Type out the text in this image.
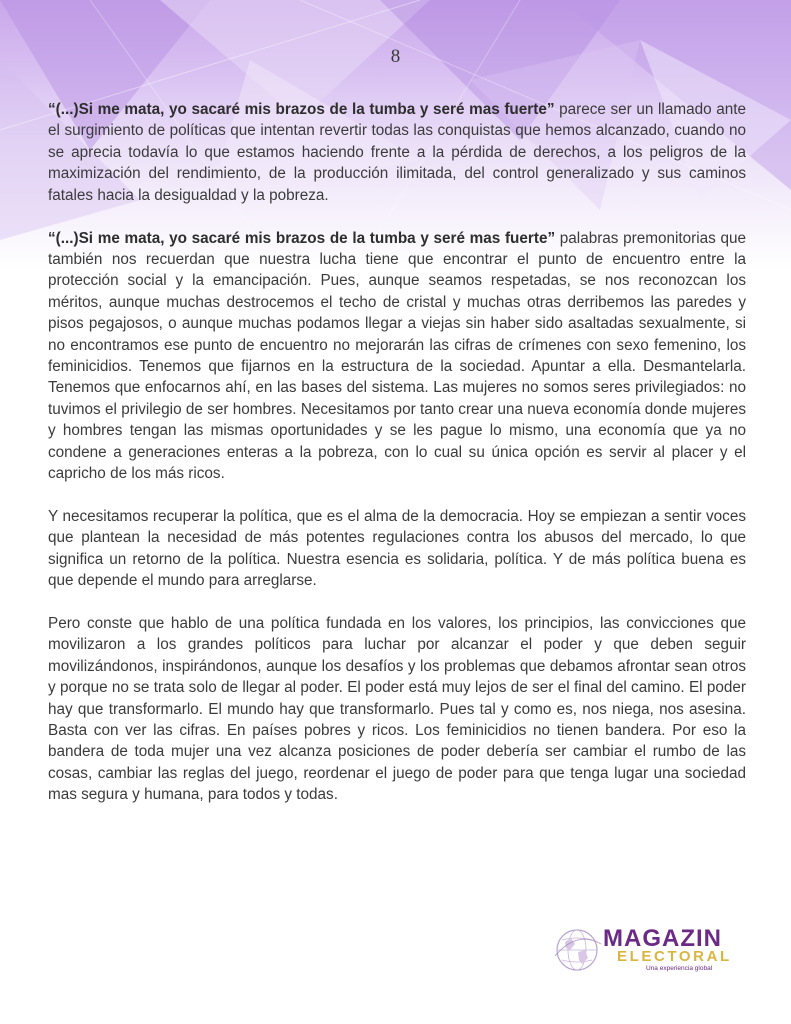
8

“(...)Si me mata, yo sacaré mis brazos de la tumba y seré mas fuerte” parece ser un llamado ante el surgimiento de políticas que intentan revertir todas las conquistas que hemos alcanzado, cuando no se aprecia todavía lo que estamos haciendo frente a la pérdida de derechos, a los peligros de la maximización del rendimiento, de la producción ilimitada, del control generalizado y sus caminos fatales hacia la desigualdad y la pobreza.

“(...)Si me mata, yo sacaré mis brazos de la tumba y seré mas fuerte” palabras premonitorias que también nos recuerdan que nuestra lucha tiene que encontrar el punto de encuentro entre la protección social y la emancipación. Pues, aunque seamos respetadas, se nos reconozcan los méritos, aunque muchas destrocemos el techo de cristal y muchas otras derribemos las paredes y pisos pegajosos, o aunque muchas podamos llegar a viejas sin haber sido asaltadas sexualmente, si no encontramos ese punto de encuentro no mejorarán las cifras de crímenes con sexo femenino, los feminicidios. Tenemos que fijarnos en la estructura de la sociedad. Apuntar a ella. Desmantelarla. Tenemos que enfocarnos ahí, en las bases del sistema. Las mujeres no somos seres privilegiados: no tuvimos el privilegio de ser hombres. Necesitamos por tanto crear una nueva economía donde mujeres y hombres tengan las mismas oportunidades y se les pague lo mismo, una economía que ya no condene a generaciones enteras a la pobreza, con lo cual su única opción es servir al placer y el capricho de los más ricos.

Y necesitamos recuperar la política, que es el alma de la democracia. Hoy se empiezan a sentir voces que plantean la necesidad de más potentes regulaciones contra los abusos del mercado, lo que significa un retorno de la política. Nuestra esencia es solidaria, política. Y de más política buena es que depende el mundo para arreglarse.

Pero conste que hablo de una política fundada en los valores, los principios, las convicciones que movilizaron a los grandes políticos para luchar por alcanzar el poder y que deben seguir movilizándonos, inspirándonos, aunque los desafíos y los problemas que debamos afrontar sean otros y porque no se trata solo de llegar al poder. El poder está muy lejos de ser el final del camino. El poder hay que transformarlo. El mundo hay que transformarlo. Pues tal y como es, nos niega, nos asesina. Basta con ver las cifras. En países pobres y ricos. Los feminicidios no tienen bandera. Por eso la bandera de toda mujer una vez alcanza posiciones de poder debería ser cambiar el rumbo de las cosas, cambiar las reglas del juego, reordenar el juego de poder para que tenga lugar una sociedad mas segura y humana, para todos y todas.

MAGAZIN
ELECTORAL
Una experiencia global
